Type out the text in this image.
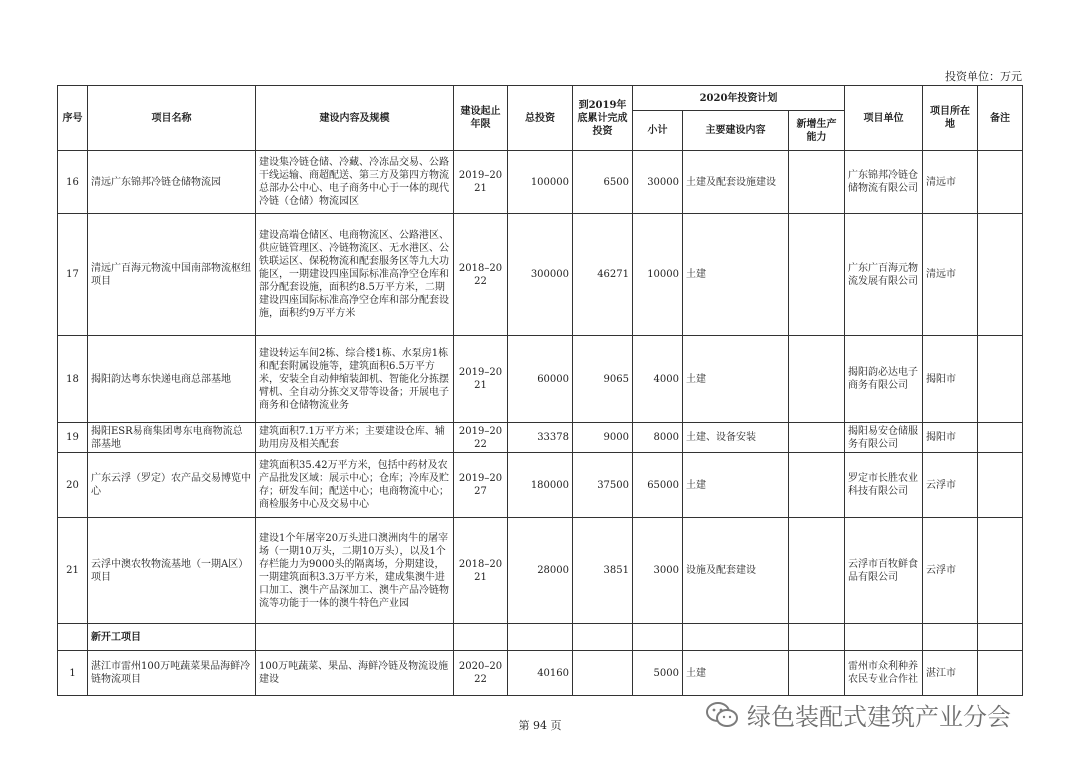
投资单位：万元
序号	项目名称	建设内容及规模	建设起止年限	总投资	到2019年底累计完成投资	2020年投资计划			项目单位	项目所在地	备注
						小计	主要建设内容	新增生产能力			
16	清远广东锦邦冷链仓储物流园	建设集冷链仓储、冷藏、冷冻品交易、公路干线运输、商超配送、第三方及第四方物流总部办公中心、电子商务中心于一体的现代冷链（仓储）物流园区	2019–2021	100000	6500	30000	土建及配套设施建设		广东锦邦冷链仓储物流有限公司	清远市	
17	清远广百海元物流中国南部物流枢纽项目	建设高端仓储区、电商物流区、公路港区、供应链管理区、冷链物流区、无水港区、公铁联运区、保税物流和配套服务区等九大功能区，一期建设四座国际标准高净空仓库和部分配套设施，面积约8.5万平方米，二期建设四座国际标准高净空仓库和部分配套设施，面积约9万平方米	2018–2022	300000	46271	10000	土建		广东广百海元物流发展有限公司	清远市	
18	揭阳韵达粤东快递电商总部基地	建设转运车间2栋、综合楼1栋、水泵房1栋和配套附属设施等，建筑面积6.5万平方米，安装全自动伸缩装卸机、智能化分拣摆臂机、全自动分拣交叉带等设备；开展电子商务和仓储物流业务	2019–2021	60000	9065	4000	土建		揭阳韵必达电子商务有限公司	揭阳市	
19	揭阳ESR易商集团粤东电商物流总部基地	建筑面积7.1万平方米；主要建设仓库、辅助用房及相关配套	2019–2022	33378	9000	8000	土建、设备安装		揭阳易安仓储服务有限公司	揭阳市	
20	广东云浮（罗定）农产品交易博览中心	建筑面积35.42万平方米，包括中药材及农产品批发区域：展示中心；仓库；冷库及贮存；研发车间；配送中心；电商物流中心；商检服务中心及交易中心	2019–2027	180000	37500	65000	土建		罗定市长胜农业科技有限公司	云浮市	
21	云浮中澳农牧物流基地（一期A区）项目	建设1个年屠宰20万头进口澳洲肉牛的屠宰场（一期10万头，二期10万头），以及1个存栏能力为9000头的隔离场，分期建设，一期建筑面积3.3万平方米，建成集澳牛进口加工、澳牛产品深加工、澳牛产品冷链物流等功能于一体的澳牛特色产业园	2018–2021	28000	3851	3000	设施及配套建设		云浮市百牧鲜食品有限公司	云浮市	
	新开工项目										
1	湛江市雷州100万吨蔬菜果品海鲜冷链物流项目	100万吨蔬菜、果品、海鲜冷链及物流设施建设	2020–2022	40160		5000	土建		雷州市众利种养农民专业合作社	湛江市	
第 94 页	绿色装配式建筑产业分会
